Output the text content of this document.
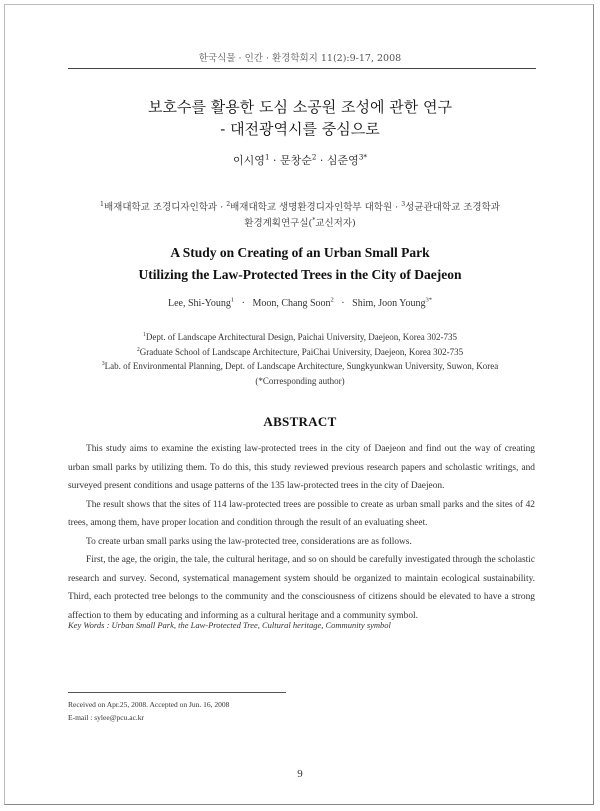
한국식물 · 인간 · 환경학회지 11(2):9-17, 2008
보호수를 활용한 도심 소공원 조성에 관한 연구
- 대전광역시를 중심으로
이시영$^1$ · 문창순$^2$ · 심준영$^{3*}$
$^1$배재대학교 조경디자인학과 · $^2$배재대학교 생명환경디자인학부 대학원 · $^3$성균관대학교 조경학과
환경계획연구실(*교신저자)
A Study on Creating of an Urban Small Park
Utilizing the Law-Protected Trees in the City of Daejeon
Lee, Shi-Young$^1$ · Moon, Chang Soon$^2$ · Shim, Joon Young$^{3*}$
$^1$Dept. of Landscape Architectural Design, Paichai University, Daejeon, Korea 302-735
$^2$Graduate School of Landscape Architecture, PaiChai University, Daejeon, Korea 302-735
$^3$Lab. of Environmental Planning, Dept. of Landscape Architecture, Sungkyunkwan University, Suwon, Korea
(*Corresponding author)
ABSTRACT

This study aims to examine the existing law-protected trees in the city of Daejeon and find out the way of creating urban small parks by utilizing them. To do this, this study reviewed previous research papers and scholastic writings, and surveyed present conditions and usage patterns of the 135 law-protected trees in the city of Daejeon.

The result shows that the sites of 114 law-protected trees are possible to create as urban small parks and the sites of 42 trees, among them, have proper location and condition through the result of an evaluating sheet.

To create urban small parks using the law-protected tree, considerations are as follows.

First, the age, the origin, the tale, the cultural heritage, and so on should be carefully investigated through the scholastic research and survey. Second, systematical management system should be organized to maintain ecological sustainability. Third, each protected tree belongs to the community and the consciousness of citizens should be elevated to have a strong affection to them by educating and informing as a cultural heritage and a community symbol.

Key Words : Urban Small Park, the Law-Protected Tree, Cultural heritage, Community symbol
Received on Apr.25, 2008. Accepted on Jun. 16, 2008
E-mail : sylee@pcu.ac.kr
9
